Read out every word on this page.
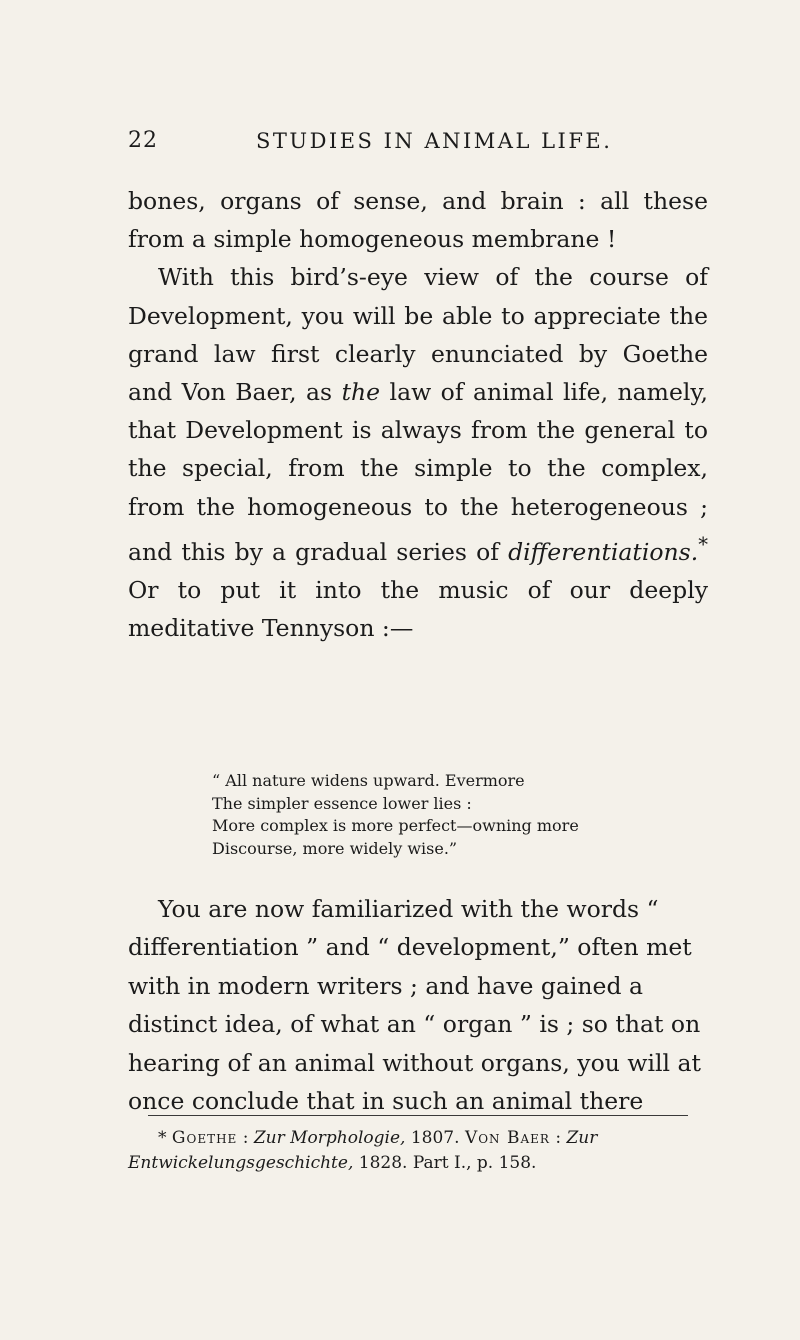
22	STUDIES IN ANIMAL LIFE.

bones, organs of sense, and brain : all these from a simple homogeneous membrane !

With this bird’s-eye view of the course of Development, you will be able to appreciate the grand law first clearly enunciated by Goethe and Von Baer, as the law of animal life, namely, that Development is always from the general to the special, from the simple to the complex, from the homogeneous to the heterogeneous ; and this by a gradual series of differentiations.* Or to put it into the music of our deeply meditative Tennyson :—

“ All nature widens upward. Evermore
The simpler essence lower lies :
More complex is more perfect—owning more
Discourse, more widely wise.”

You are now familiarized with the words “ differentiation ” and “ development,” often met with in modern writers ; and have gained a distinct idea, of what an “ organ ” is ; so that on hearing of an animal without organs, you will at once conclude that in such an animal there

* Goethe : Zur Morphologie, 1807. Von Baer : Zur Entwickelungsgeschichte, 1828. Part I., p. 158.
